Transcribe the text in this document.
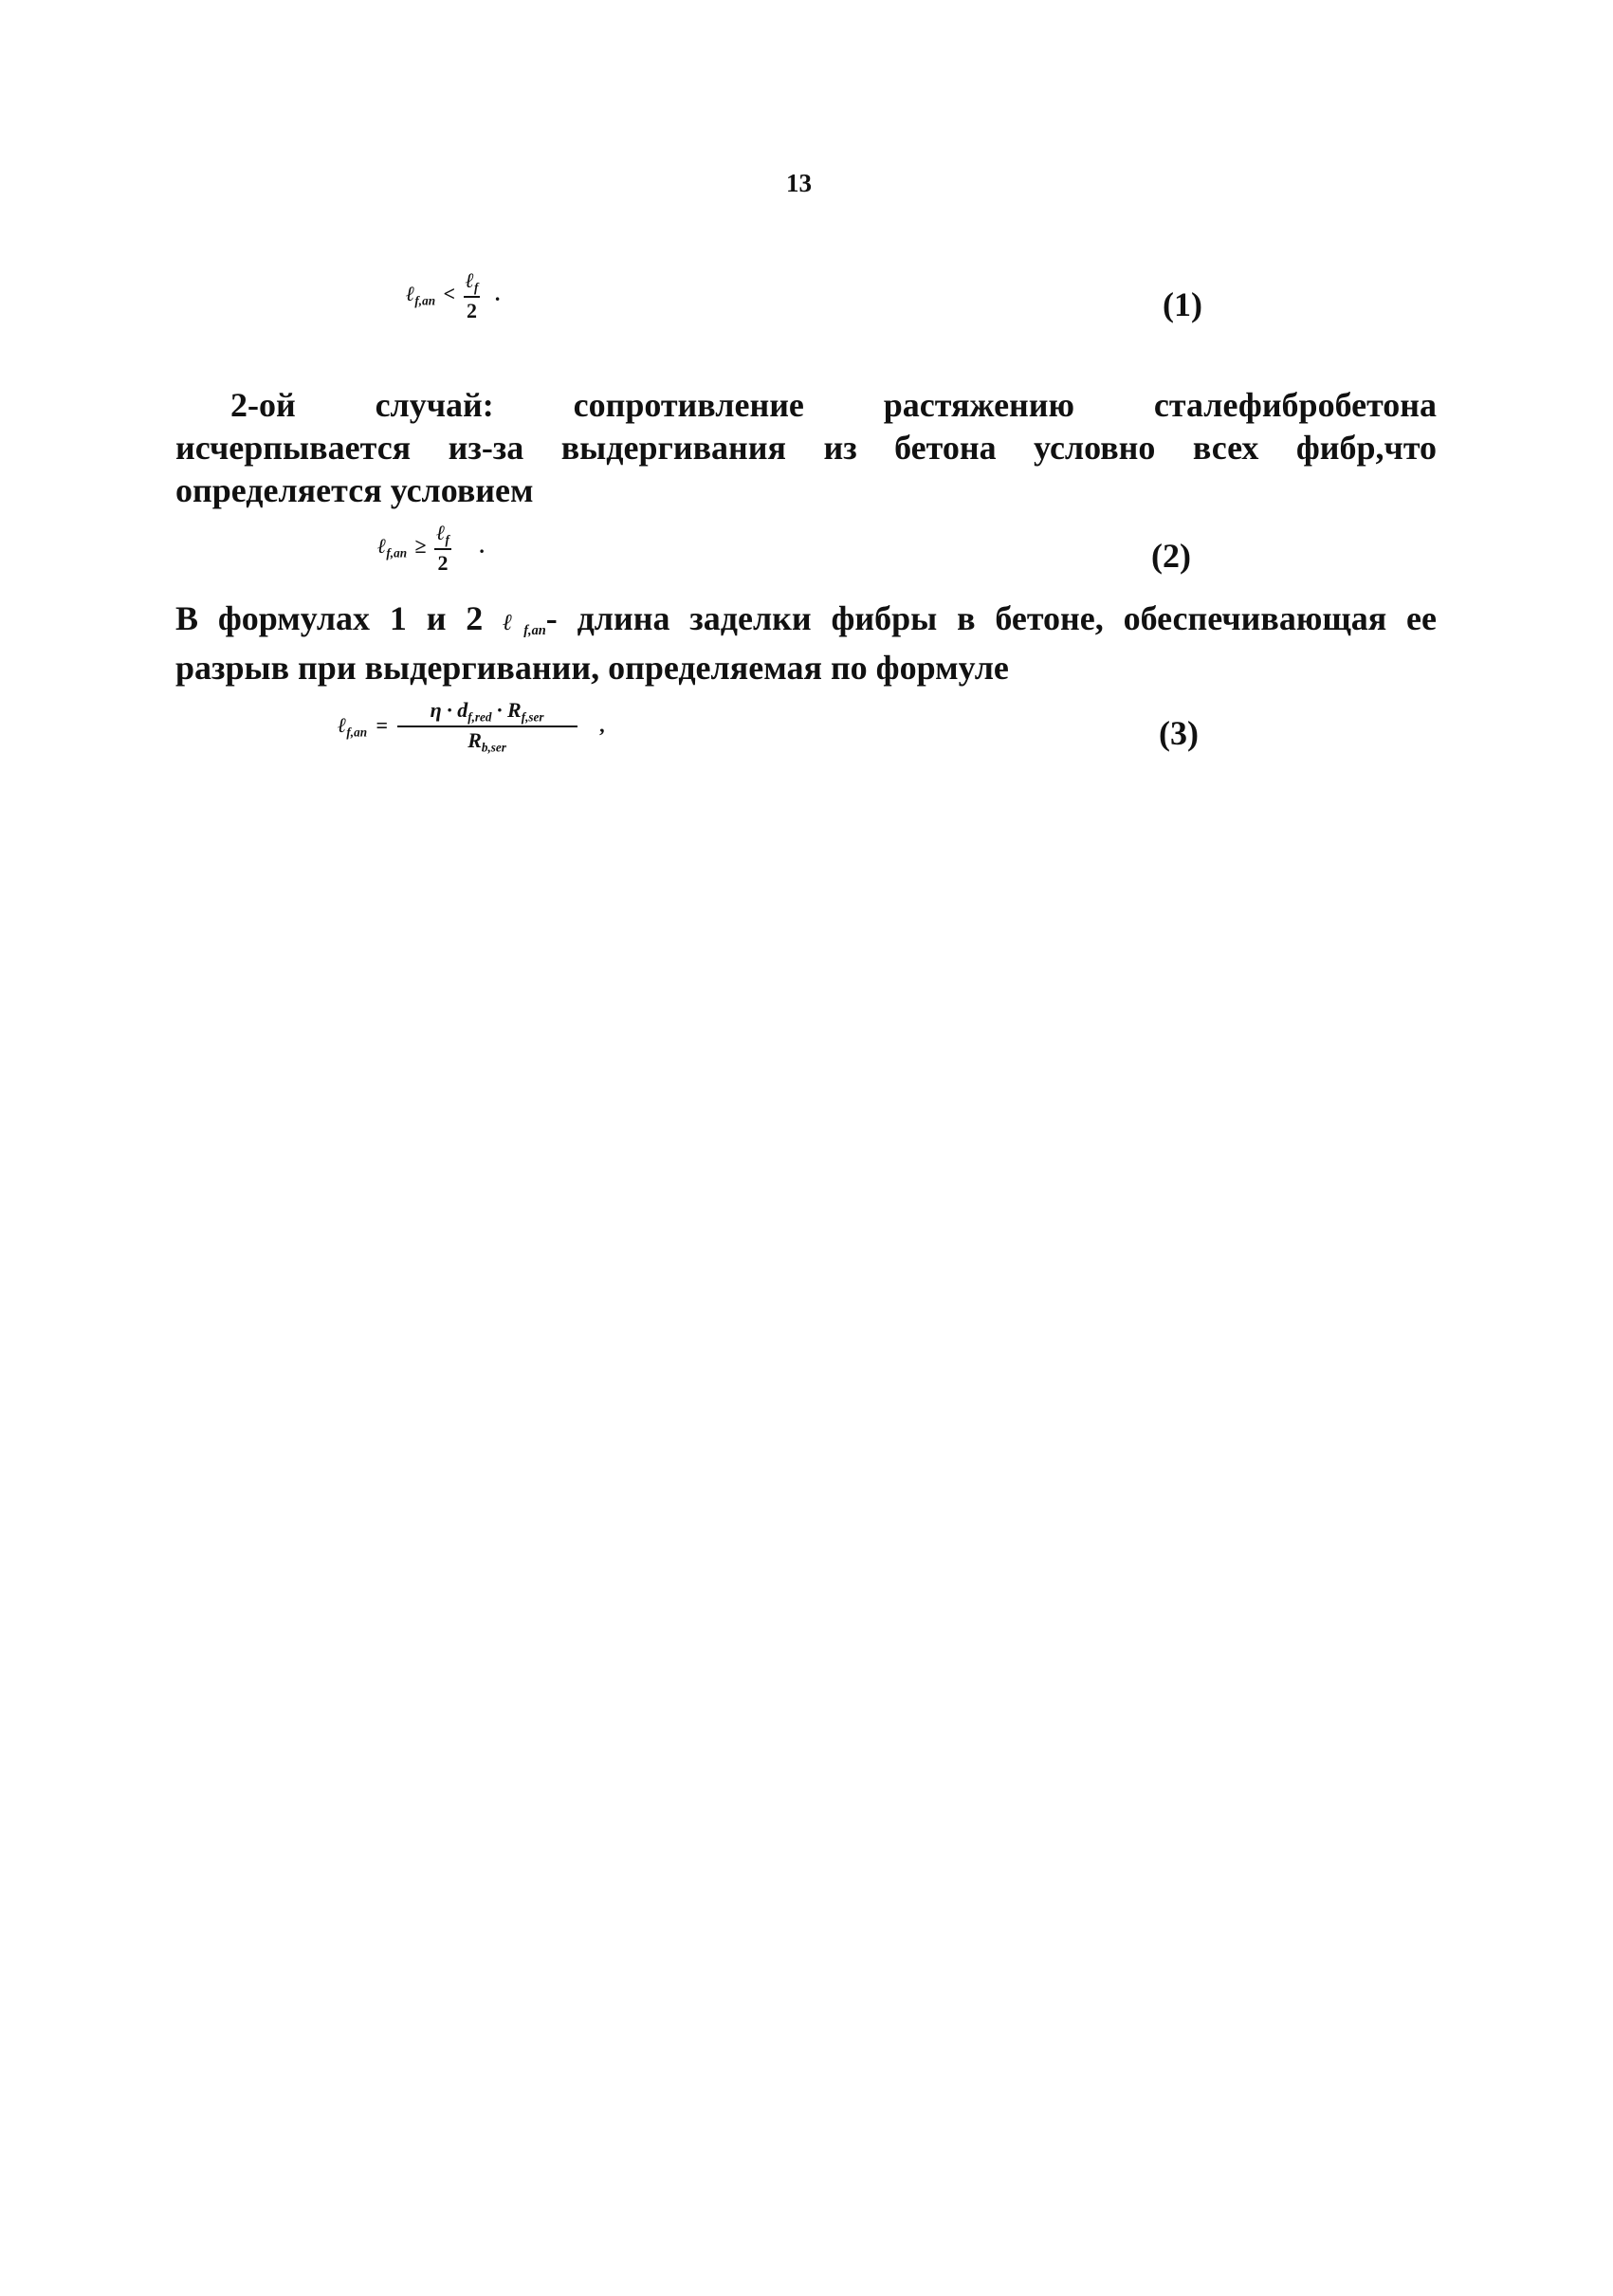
13
ℓ$_{f,an}$ < $\frac{\ell_f}{2}$ .	(1)
2-ой случай: сопротивление растяжению сталефибробетона
исчерпывается из-за выдергивания из бетона условно всех фибр,что
определяется условием
ℓ$_{f,an}$ ≥ $\frac{\ell_f}{2}$ .	(2)
В формулах 1 и 2 ℓ$_{f,an}$- длина заделки фибры в бетоне, обеспечивающая ее
разрыв при выдергивании, определяемая по формуле
ℓ$_{f,an}$ = $\frac{\eta \cdot d_{f,red} \cdot R_{f,ser}}{R_{b,ser}}$ ,	(3)
